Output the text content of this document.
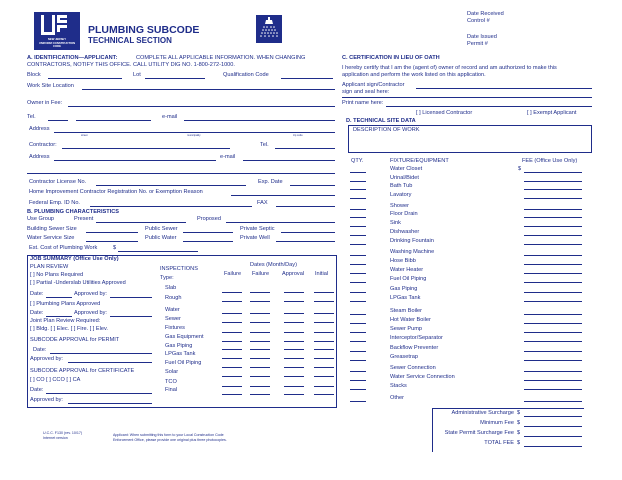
NEW JERSEY
UNIFORM CONSTRUCTION CODE
PLUMBING SUBCODE
TECHNICAL SECTION
Date Received
Control #
Date Issued
Permit #
A. IDENTIFICATION—APPLICANT:	COMPLETE ALL APPLICABLE INFORMATION. WHEN CHANGING
CONTRACTORS, NOTIFY THIS OFFICE. CALL UTILITY DIG NO. 1-800-272-1000.
Block	Lot	Qualification Code
Work Site Location
Owner in Fee:
Tel.	e-mail
Address
street	municipality	zip code
Contractor:	Tel.
Address	e-mail
Contractor License No.	Exp. Date
Home Improvement Contractor Registration No. or Exemption Reason
Federal Emp. ID No.	FAX
B. PLUMBING CHARACTERISTICS
Use Group	Present	Proposed
Building Sewer Size	Public Sewer	Private Septic
Water Service Size	Public Water	Private Well
Est. Cost of Plumbing Work	$
JOB SUMMARY (Office Use Only)
PLAN REVIEW
[ ] No Plans Required
[ ] Partial -Underslab Utilities Approved
Date:	Approved by:
[ ] Plumbing Plans Approved
Date:	Approved by:
Joint Plan Review Required:
[ ] Bldg. [ ] Elec. [ ] Fire. [ ] Elev.
SUBCODE APPROVAL for PERMIT
Date:
Approved by:
SUBCODE APPROVAL for CERTIFICATE
[ ] CO [ ] CCO [ ] CA
Date:
Approved by:
INSPECTIONS
Type:
Dates (Month/Day)
Failure Failure Approval Initial
Slab
Rough
Water
Sewer
Fixtures
Gas Equipment
Gas Piping
LPGas Tank
Fuel Oil Piping
Solar
TCO
Final
C. CERTIFICATION IN LIEU OF OATH
I hereby certify that I am the (agent of) owner of record and am authorized to make this
application and perform the work listed on this application.
Applicant sign/Contractor
sign and seal here:
Print name here:
[ ] Licensed Contractor	[ ] Exempt Applicant
D. TECHNICAL SITE DATA
DESCRIPTION OF WORK
QTY.	FIXTURE/EQUIPMENT	FEE (Office Use Only)
$
Water Closet
Urinal/Bidet
Bath Tub
Lavatory
Shower
Floor Drain
Sink
Dishwasher
Drinking Fountain
Washing Machine
Hose Bibb
Water Heater
Fuel Oil Piping
Gas Piping
LPGas Tank
Steam Boiler
Hot Water Boiler
Sewer Pump
Interceptor/Separator
Backflow Preventer
Greasetrap
Sewer Connection
Water Service Connection
Stacks
Other
Administrative Surcharge $
Minimum Fee $
State Permit Surcharge Fee $
TOTAL FEE $
U.C.C. F130 (rev. 10/17)
Internet version
Applicant: When submitting this form to your Local Construction Code
Enforcement Office, please provide one original plus three photocopies.
